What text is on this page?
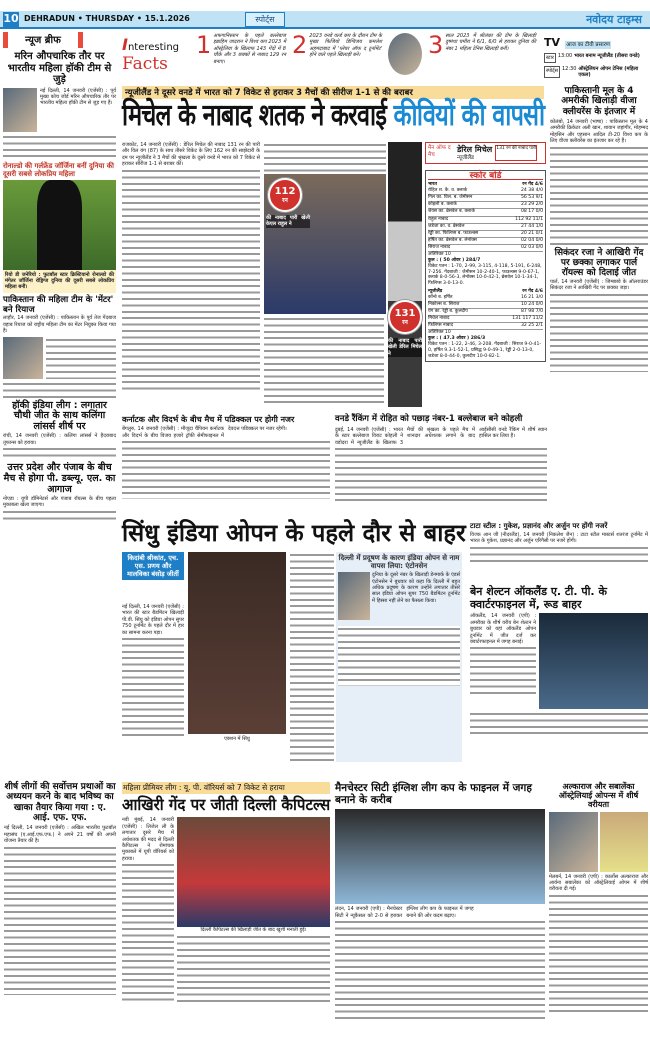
10 DEHRADUN • THURSDAY • 15.1.2026	स्पोर्ट्स	नवोदय टाइम्स
न्यूज ब्रीफ
मरिन औपचारिक तौर पर भारतीय महिला हॉकी टीम से जुड़े
नई दिल्ली, 14 जनवरी (एजेंसी) : पूर्व मुख्य कोच जोर्ड मरिन औपचारिक तौर पर भारतीय महिला हॉकी टीम से जुड़ गए हैं।
रोनाल्डो की गर्लफ्रेंड जॉर्जिना बनीं दुनिया की दूसरी सबसे लोकप्रिय महिला
रियो डी जनेरियो : फुटबॉल स्टार क्रिस्टियानो रोनाल्डो की मंगेतर जॉर्जिना रोड्रिग्ज दुनिया की दूसरी सबसे लोकप्रिय महिला बनीं।
पाकिस्तान की महिला टीम के 'मेंटर' बने रियाज
लाहौर, 14 जनवरी (एजेंसी) : पाकिस्तान के पूर्व तेज गेंदबाज वहाब रियाज को राष्ट्रीय महिला टीम का मेंटर नियुक्त किया गया है।
हॉकी इंडिया लीग : लगातार चौथी जीत के साथ कलिंगा लांसर्स शीर्ष पर
रांची, 14 जनवरी (एजेंसी) : कलिंगा लांसर्स ने हैदराबाद तूफान्स को हराया।
उत्तर प्रदेश और पंजाब के बीच मैच से होगा पी. डब्ल्यू. एल. का आगाज
नोएडा : यूपी डॉमिनेटर्स और पंजाब रॉयल्स के बीच पहला मुकाबला खेला जाएगा।
Interesting
Facts
1 अफगानिस्तान के पहले बल्लेबाज इब्राहिम जादरान ने विश्व कप 2023 में ऑस्ट्रेलिया के खिलाफ 143 गेंदों में 8 चौके और 3 छक्कों से नाबाद 129 रन बनाए।
2 2023 वनडे वर्ल्ड कप के दौरान टीम के मुख्य फिजियो डिग्विजय कमलेश अहमदाबाद में 'प्लेयर ऑफ द टूर्नामेंट' होने वाले पहले खिलाड़ी बने।	3 साल 2023 में श्रीलंका की टीम के खिलाड़ी दुष्मंथा चमीरा ने 6/1, 6/0 से हराकर दुनिया की नंबर 1 महिला टेनिस खिलाड़ी बनीं।	TV आज का टीवी प्रसारण
स्टार 13:00 भारत बनाम न्यूजीलैंड (तीसरा वनडे)
स्पोर्ट्स 12:30 ऑस्ट्रेलियन ओपन टेनिस (महिला एकल)
न्यूजीलैंड ने दूसरे वनडे में भारत को 7 विकेट से हराकर 3 मैचों की सीरीज 1-1 से की बराबर
मिचेल के नाबाद शतक ने करवाई कीवियों की वापसी
राजकोट, 14 जनवरी (एजेंसी) : डेरिल मिचेल की नाबाद 131 रन की पारी और विल यंग (87) के साथ तीसरे विकेट के लिए 162 रन की साझेदारी के दम पर न्यूजीलैंड ने 3 मैचों की श्रृंखला के दूसरे वनडे में भारत को 7 विकेट से हराकर सीरीज 1-1 से बराबर की।
112
रन
की नाबाद पारी खेली केएल राहुल ने
131
रन
की नाबाद पारी खेली डेरिल मिचेल ने
मैन ऑफ द मैच
डेरिल मिचेल
न्यूजीलैंड
131 रन की नाबाद पारी
स्कोर बोर्ड
भारत	रन गेंद 4/6
रोहित श. कै. व. क्लार्क	24 38 4/0
गिल का. विल. ब. जैमीसन	56 53 9/1
कोहली ब. क्लार्क	23 29 2/0
श्रेयस का. ब्रेसवेल ब. क्लार्क	08 17 0/0
राहुल नाबाद	112 92 11/1
जडेजा का. व. ब्रेसवेल	27 44 1/0
रेड्डी का. फिलिप्स ब. फाउल्क्स	20 21 0/1
हर्षित का. ब्रेसवेल ब. लेनॉक्स	02 04 0/0
सिराज नाबाद	02 03 0/0
अतिरिक्त 10
कुल : ( 50 ओवर ) 284/7
विकेट पतन : 1-70, 2-99, 3-115, 4-118, 5-191, 6-248, 7-256. गेंदबाजी : जैमीसन 10-2-40-1, फाउल्क्स 9-0-67-1, क्लार्क 8-0-56-3, लेनॉक्स 10-0-42-1, ब्रेसवेल 10-1-34-1, फिलिप्स 3-0-13-0.
न्यूजीलैंड	रन गेंद 4/6
कॉन्वे ब. हर्षित	16 21 3/0
निकोल्स ब. सिराज	10 24 0/0
यंग का. रेड्डी ब. कुलदीप	87 98 7/0
मिचेल नाबाद	131 117 11/2
फिलिप्स नाबाद	32 25 2/1
अतिरिक्त 10
कुल : ( 47.3 ओवर ) 286/3
विकेट पतन : 1-22, 2-46, 3-208. गेंदबाजी : सिराज 9-0-41-0, हर्षित 9.3-1-52-1, प्रसिद्ध 9-0-49-1, रेड्डी 2-0-13-0, जडेजा 8-0-44-0, कुलदीप 10-0-82-1.
पाकिस्तानी मूल के 4 अमरीकी खिलाड़ी वीजा क्लीयरेंस के इंतजार में
कोलंबो, 14 जनवरी (भाषा) : पाकिस्तान मूल के 4 अमरीकी क्रिकेटर अली खान, शायान जहांगीर, मोहम्मद मोहसिन और एहसान आदिल टी-20 विश्व कप के लिए वीजा क्लीयरेंस का इंतजार कर रहे हैं।
सिकंदर रजा ने आखिरी गेंद पर छक्का लगाकर पार्ल रॉयल्स को दिलाई जीत
पार्ल, 14 जनवरी (एजेंसी) : जिम्बाब्वे के ऑलराउंडर सिकंदर रजा ने आखिरी गेंद पर छक्का जड़ा।
कर्नाटक और विदर्भ के बीच मैच में पडिक्कल पर होगी नजर
बेंगलुरु, 14 जनवरी (एजेंसी) : मौजूदा चैंपियन कर्नाटक और विदर्भ के बीच विजय हजारे ट्रॉफी सेमीफाइनल में देवदत्त पडिक्कल पर नजर रहेगी।
वनडे रैंकिंग में रोहित को पछाड़ नंबर-1 बल्लेबाज बने कोहली
दुबई, 14 जनवरी (एजेंसी) : भारत के स्टार बल्लेबाज विराट कोहली ने वडोदरा में न्यूजीलैंड के खिलाफ 3 मैचों की श्रृंखला के पहले मैच में शानदार अर्धशतक लगाने के बाद आईसीसी वनडे रैंकिंग में शीर्ष स्थान हासिल कर लिया है।
सिंधु इंडिया ओपन के पहले दौर से बाहर
किदांबी श्रीकांत, एच. एस. प्रणय और मालविका बंसोड़ जीतीं
नई दिल्ली, 14 जनवरी (एजेंसी) : भारत की स्टार बैडमिंटन खिलाड़ी पी.वी. सिंधु को इंडिया ओपन सुपर 750 टूर्नामेंट के पहले दौर में हार का सामना करना पड़ा।
एक्शन में सिंधु
दिल्ली में प्रदूषण के कारण इंडिया ओपन से नाम वापस लिया: एंटोनसेन
दुनिया के दूसरे नंबर के खिलाड़ी डेनमार्क के एंडर्स एंटोनसेन ने बुधवार को कहा कि दिल्ली में बहुत अधिक प्रदूषण के कारण उन्होंने लगातार तीसरे साल इंडिया ओपन सुपर 750 बैडमिंटन टूर्नामेंट में हिस्सा नहीं लेने का फैसला किया।
टाटा स्टील : गुकेश, प्रज्ञानंद और अर्जुन पर होंगी नजरें
विज्क आन जी (नीदरलैंड), 14 जनवरी (निकलेश जैन) : टाटा स्टील मास्टर्स शतरंज टूर्नामेंट में भारत के गुकेश, प्रज्ञानंद और अर्जुन एरिगैसी पर नजरें होंगी।
बेन शेल्टन ऑकलैंड ए. टी. पी. के क्वार्टरफाइनल में, रूड बाहर
ऑकलैंड, 14 जनवरी (एपी) : अमरीका के शीर्ष वरीय बेन शेल्टन ने बुधवार को यहां ऑकलैंड ओपन टूर्नामेंट में जीत दर्ज कर क्वार्टरफाइनल में जगह बनाई।
शीर्ष लीगों की सर्वोत्तम प्रथाओं का अध्ययन करने के बाद भविष्य का खाका तैयार किया गया : ए. आई. एफ. एफ.
नई दिल्ली, 14 जनवरी (एजेंसी) : अखिल भारतीय फुटबॉल महासंघ (ए.आई.एफ.एफ.) ने अपने 21 वर्षों की अपनी योजना तैयार की है।
महिला प्रीमियर लीग : यू. पी. वॉरियर्स को 7 विकेट से हराया
आखिरी गेंद पर जीती दिल्ली कैपिटल्स
नवी मुंबई, 14 जनवरी (एजेंसी) : लिजेल ली के लगातार दूसरे मैच में अर्धशतक की मदद से दिल्ली कैपिटल्स ने रोमांचक मुकाबले में यूपी वॉरियर्स को हराया।
दिल्ली कैपिटल्स की खिलाड़ी जीत के बाद खुशी मनाती हुईं।
मैनचेस्टर सिटी इंग्लिश लीग कप के फाइनल में जगह बनाने के करीब
लंदन, 14 जनवरी (एपी) : मैनचेस्टर सिटी ने न्यूकैसल को 2-0 से हराकर इंग्लिश लीग कप के फाइनल में जगह बनाने की ओर कदम बढ़ाए।
अल्काराज और सबालेंका ऑस्ट्रेलियाई ओपन्स में शीर्ष वरीयता
मेलबर्न, 14 जनवरी (एपी) : कार्लोस अल्काराज और आर्यना सबालेंका को ऑस्ट्रेलियाई ओपन में शीर्ष वरीयता दी गई।
